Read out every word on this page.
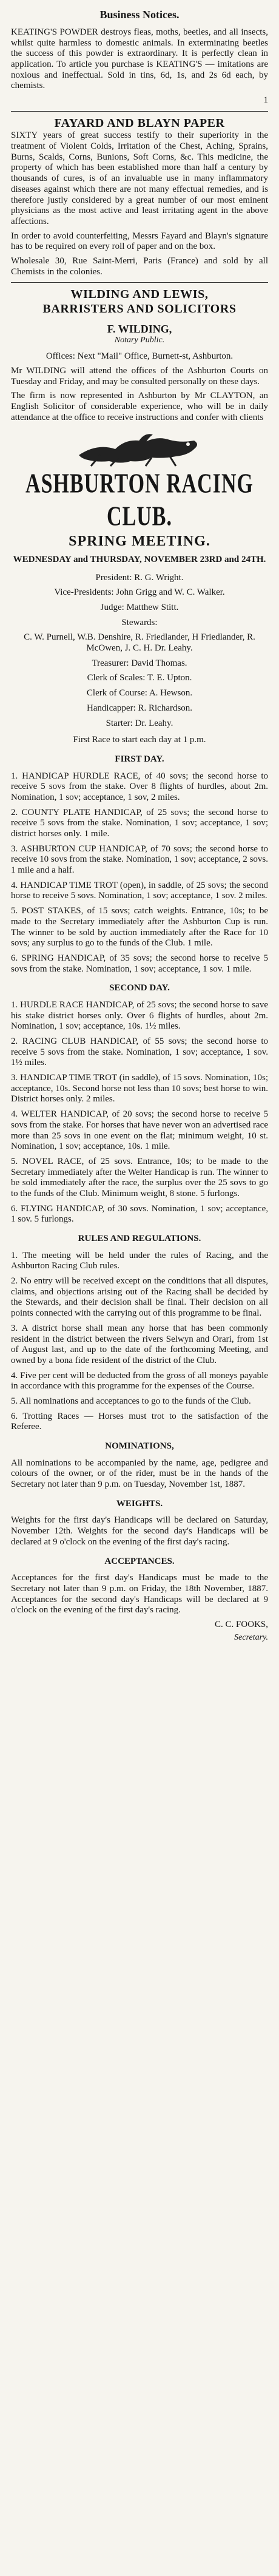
Business Notices.

KEATING'S POWDER destroys fleas, moths, beetles, and all insects, whilst quite harmless to domestic animals. In exterminating beetles the success of this powder is extraordinary. It is perfectly clean in application. To article you purchase is KEATING'S — imitations are noxious and ineffectual. Sold in tins, 6d, 1s, and 2s 6d each, by chemists.

1
FAYARD AND BLAYN PAPER

SIXTY years of great success testify to their superiority in the treatment of Violent Colds, Irritation of the Chest, Aching, Sprains, Burns, Scalds, Corns, Bunions, Soft Corns, &c. This medicine, the property of which has been established more than half a century by thousands of cures, is of an invaluable use in many inflammatory diseases against which there are not many effectual remedies, and is therefore justly considered by a great number of our most eminent physicians as the most active and least irritating agent in the above affections.

In order to avoid counterfeiting, Messrs Fayard and Blayn's signature has to be required on every roll of paper and on the box.

Wholesale 30, Rue Saint-Merri, Paris (France) and sold by all Chemists in the colonies.

WILDING AND LEWIS,
BARRISTERS AND SOLICITORS
F. WILDING,
Notary Public.

Offices: Next "Mail" Office, Burnett-st, Ashburton.

Mr WILDING will attend the offices of the Ashburton Courts on Tuesday and Friday, and may be consulted personally on these days.

The firm is now represented in Ashburton by Mr CLAYTON, an English Solicitor of considerable experience, who will be in daily attendance at the office to receive instructions and confer with clients

ASHBURTON RACING CLUB.
SPRING MEETING.
WEDNESDAY and THURSDAY, NOVEMBER 23RD and 24TH.

President: R. G. Wright.

Vice-Presidents: John Grigg and W. C. Walker.

Judge: Matthew Stitt.

Stewards:

C. W. Purnell, W.B. Denshire, R. Friedlander, H Friedlander, R. McOwen, J. C. H. Dr. Leahy.

Treasurer: David Thomas.

Clerk of Scales: T. E. Upton.

Clerk of Course: A. Hewson.

Handicapper: R. Richardson.

Starter: Dr. Leahy.

First Race to start each day at 1 p.m.

FIRST DAY.

1. HANDICAP HURDLE RACE, of 40 sovs; the second horse to receive 5 sovs from the stake. Over 8 flights of hurdles, about 2m. Nomination, 1 sov; acceptance, 1 sov, 2 miles.

2. COUNTY PLATE HANDICAP, of 25 sovs; the second horse to receive 5 sovs from the stake. Nomination, 1 sov; acceptance, 1 sov; district horses only. 1 mile.

3. ASHBURTON CUP HANDICAP, of 70 sovs; the second horse to receive 10 sovs from the stake. Nomination, 1 sov; acceptance, 2 sovs. 1 mile and a half.

4. HANDICAP TIME TROT (open), in saddle, of 25 sovs; the second horse to receive 5 sovs. Nomination, 1 sov; acceptance, 1 sov. 2 miles.

5. POST STAKES, of 15 sovs; catch weights. Entrance, 10s; to be made to the Secretary immediately after the Ashburton Cup is run. The winner to be sold by auction immediately after the Race for 10 sovs; any surplus to go to the funds of the Club. 1 mile.

6. SPRING HANDICAP, of 35 sovs; the second horse to receive 5 sovs from the stake. Nomination, 1 sov; acceptance, 1 sov. 1 mile.

SECOND DAY.

1. HURDLE RACE HANDICAP, of 25 sovs; the second horse to save his stake district horses only. Over 6 flights of hurdles, about 2m. Nomination, 1 sov; acceptance, 10s. 1½ miles.

2. RACING CLUB HANDICAP, of 55 sovs; the second horse to receive 5 sovs from the stake. Nomination, 1 sov; acceptance, 1 sov. 1½ miles.

3. HANDICAP TIME TROT (in saddle), of 15 sovs. Nomination, 10s; acceptance, 10s. Second horse not less than 10 sovs; best horse to win. District horses only. 2 miles.

4. WELTER HANDICAP, of 20 sovs; the second horse to receive 5 sovs from the stake. For horses that have never won an advertised race more than 25 sovs in one event on the flat; minimum weight, 10 st. Nomination, 1 sov; acceptance, 10s. 1 mile.

5. NOVEL RACE, of 25 sovs. Entrance, 10s; to be made to the Secretary immediately after the Welter Handicap is run. The winner to be sold immediately after the race, the surplus over the 25 sovs to go to the funds of the Club. Minimum weight, 8 stone. 5 furlongs.

6. FLYING HANDICAP, of 30 sovs. Nomination, 1 sov; acceptance, 1 sov. 5 furlongs.

RULES AND REGULATIONS.

1. The meeting will be held under the rules of Racing, and the Ashburton Racing Club rules.

2. No entry will be received except on the conditions that all disputes, claims, and objections arising out of the Racing shall be decided by the Stewards, and their decision shall be final. Their decision on all points connected with the carrying out of this programme to be final.

3. A district horse shall mean any horse that has been commonly resident in the district between the rivers Selwyn and Orari, from 1st of August last, and up to the date of the forthcoming Meeting, and owned by a bona fide resident of the district of the Club.

4. Five per cent will be deducted from the gross of all moneys payable in accordance with this programme for the expenses of the Course.

5. All nominations and acceptances to go to the funds of the Club.

6. Trotting Races — Horses must trot to the satisfaction of the Referee.

NOMINATIONS,

All nominations to be accompanied by the name, age, pedigree and colours of the owner, or of the rider, must be in the hands of the Secretary not later than 9 p.m. on Tuesday, November 1st, 1887.

WEIGHTS.

Weights for the first day's Handicaps will be declared on Saturday, November 12th. Weights for the second day's Handicaps will be declared at 9 o'clock on the evening of the first day's racing.

ACCEPTANCES.

Acceptances for the first day's Handicaps must be made to the Secretary not later than 9 p.m. on Friday, the 18th November, 1887. Acceptances for the second day's Handicaps will be declared at 9 o'clock on the evening of the first day's racing.

C. C. FOOKS,
Secretary.
